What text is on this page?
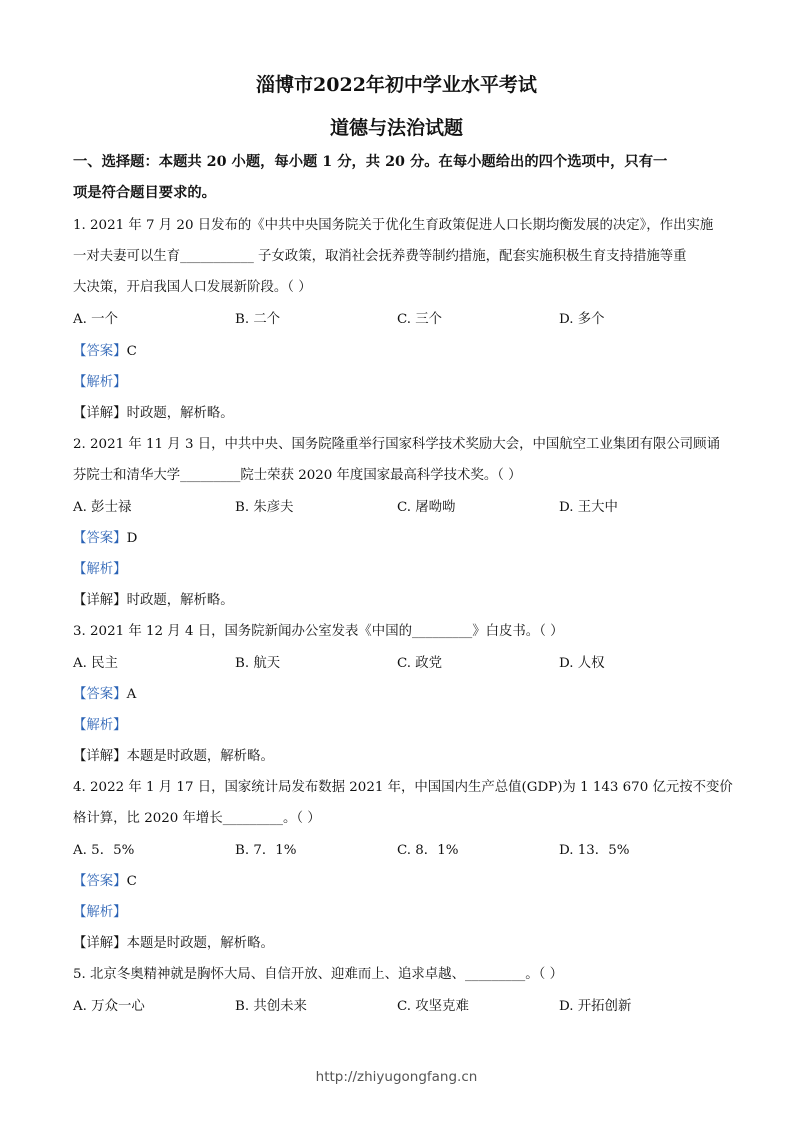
淄博市2022年初中学业水平考试
道德与法治试题
一、选择题：本题共 20 小题，每小题 1 分，共 20 分。在每小题给出的四个选项中，只有一
项是符合题目要求的。
1. 2021 年 7 月 20 日发布的《中共中央国务院关于优化生育政策促进人口长期均衡发展的决定》，作出实施
一对夫妻可以生育___________ 子女政策，取消社会抚养费等制约措施，配套实施积极生育支持措施等重
大决策，开启我国人口发展新阶段。（ ）
A. 一个	B. 二个	C. 三个	D. 多个
【答案】C
【解析】
【详解】时政题，解析略。
2. 2021 年 11 月 3 日，中共中央、国务院隆重举行国家科学技术奖励大会，中国航空工业集团有限公司顾诵
芬院士和清华大学_________院士荣获 2020 年度国家最高科学技术奖。（ ）
A. 彭士禄	B. 朱彦夫	C. 屠呦呦	D. 王大中
【答案】D
【解析】
【详解】时政题，解析略。
3. 2021 年 12 月 4 日，国务院新闻办公室发表《中国的_________》白皮书。（ ）
A. 民主	B. 航天	C. 政党	D. 人权
【答案】A
【解析】
【详解】本题是时政题，解析略。
4. 2022 年 1 月 17 日，国家统计局发布数据 2021 年，中国国内生产总值(GDP)为 1 143 670 亿元按不变价
格计算，比 2020 年增长_________。（ ）
A. 5．5%	B. 7．1%	C. 8．1%	D. 13．5%
【答案】C
【解析】
【详解】本题是时政题，解析略。
5. 北京冬奥精神就是胸怀大局、自信开放、迎难而上、追求卓越、_________。（ ）
A. 万众一心	B. 共创未来	C. 攻坚克难	D. 开拓创新
http://zhiyugongfang.cn
